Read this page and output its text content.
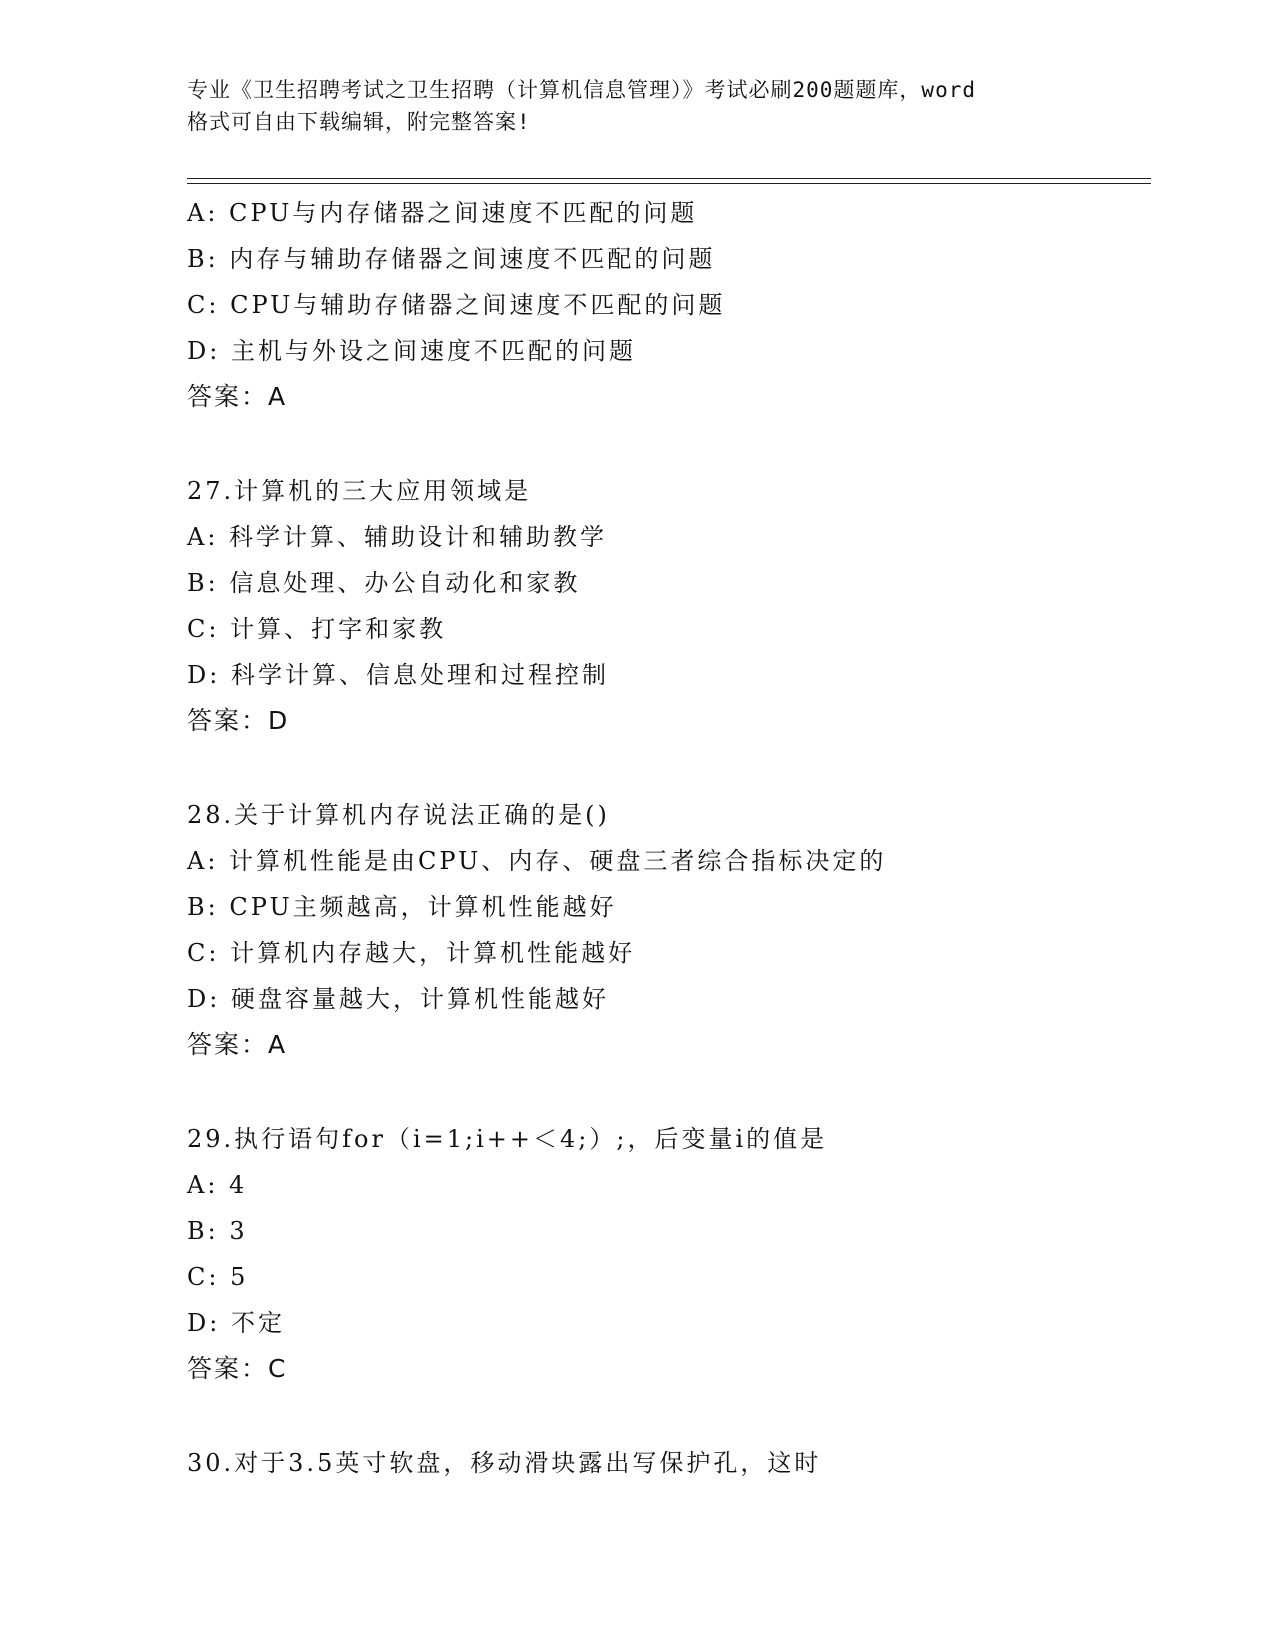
专业《卫生招聘考试之卫生招聘（计算机信息管理）》考试必刷200题题库，word
格式可自由下载编辑，附完整答案!
A: CPU与内存储器之间速度不匹配的问题
B: 内存与辅助存储器之间速度不匹配的问题
C: CPU与辅助存储器之间速度不匹配的问题
D: 主机与外设之间速度不匹配的问题
答案：A
27.计算机的三大应用领域是
A: 科学计算、辅助设计和辅助教学
B: 信息处理、办公自动化和家教
C: 计算、打字和家教
D: 科学计算、信息处理和过程控制
答案：D
28.关于计算机内存说法正确的是()
A: 计算机性能是由CPU、内存、硬盘三者综合指标决定的
B: CPU主频越高，计算机性能越好
C: 计算机内存越大，计算机性能越好
D: 硬盘容量越大，计算机性能越好
答案：A
29.执行语句for（i=1;i++＜4;）;，后变量i的值是
A: 4
B: 3
C: 5
D: 不定
答案：C
30.对于3.5英寸软盘，移动滑块露出写保护孔，这时
